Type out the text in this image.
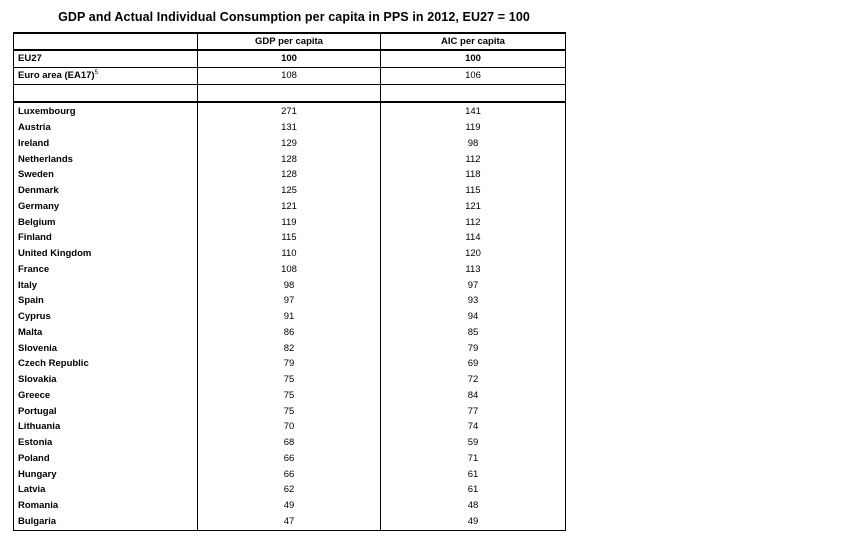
GDP and Actual Individual Consumption per capita in PPS in 2012, EU27 = 100
	GDP per capita	AIC per capita
EU27	100	100
Euro area $(EA17)^5$	108	106

Luxembourg	271	141
Austria	131	119
Ireland	129	98
Netherlands	128	112
Sweden	128	118
Denmark	125	115
Germany	121	121
Belgium	119	112
Finland	115	114
United Kingdom	110	120
France	108	113
Italy	98	97
Spain	97	93
Cyprus	91	94
Malta	86	85
Slovenia	82	79
Czech Republic	79	69
Slovakia	75	72
Greece	75	84
Portugal	75	77
Lithuania	70	74
Estonia	68	59
Poland	66	71
Hungary	66	61
Latvia	62	61
Romania	49	48
Bulgaria	47	49
